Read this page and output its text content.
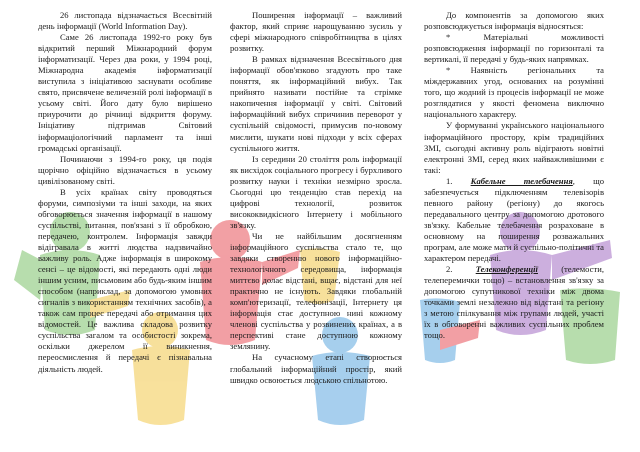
26 листопада відзначається Всесвітній день інформації (World Information Day).

Саме 26 листопада 1992-го року був відкритий перший Міжнародний форум інформатизації. Через два роки, у 1994 році, Міжнародна академія інформатизації виступила з ініціативою заснувати особливе свято, присвячене величезній ролі інформації в усьому світі. Його дату було вирішено приурочити до річниці відкриття форуму. Ініціативу підтримав Світовий інформаціологічний парламент та інші громадські організації.

Починаючи з 1994-го року, ця подія щорічно офіційно відзначається в усьому цивілізованому світі.

В усіх країнах світу проводяться форуми, симпозіуми та інші заходи, на яких обговорюється значення інформації в нашому суспільстві, питання, пов'язані з її обробкою, передачею, контролем. Інформація завжди відігравала в житті людства надзвичайно важливу роль. Адже інформація в широкому сенсі – це відомості, які передають одні люди іншим усним, письмовим або будь-яким іншим способом (наприклад, за допомогою умовних сигналів з використанням технічних засобів), а також сам процес передачі або отримання цих відомостей. Це важлива складова розвитку суспільства загалом та особистості зокрема, оскільки джерелом її виникнення, переосмислення й передачі є пізнавальна діяльність людей.

Поширення інформації – важливий фактор, який сприяє нарощуванню зусиль у сфері міжнародного співробітництва в цілях розвитку.

В рамках відзначення Всесвітнього дня інформації обов'язково згадують про таке поняття, як інформаційний вибух. Так прийнято називати постійне та стрімке накопичення інформації у світі. Світовий інформаційний вибух спричинив переворот у суспільній свідомості, примусив по-новому мислити, шукати нові підходи у всіх сферах суспільного життя.

Із середини 20 століття роль інформації як висхідок соціального прогресу і бурхливого розвитку науки і техніки незмірно зросла. Сьогодні цю тенденцію став перехід на цифрові технології, розвиток висококвидкісного Інтернету і мобільного зв'язку.

Чи не найбільшим досягненням інформаційного суспільства стало те, що завдяки створенню нового інформаційно-технологічного середовища, інформація миттєво долає відстані, вщає, відстані для неї практично не існують. Завдяки глобальній комп'ютеризації, телефонізації, Інтернету ця інформація стає доступною нині кожному членові суспільства у розвинених країнах, а в перспективі стане доступною кожному землянину.

На сучасному етапі створюється глобальний інформаційний простір, який швидко освоюється людською спільнотою.

До компонентів за допомогою яких розповсюджується інформація відносяться:

* Матеріальні можливості розповсюдження інформації по горизонталі та вертикалі, її передачі у будь-яких напрямках.

* Наявність регіональних та міждержавних угод, основаних на розумінні того, що жодний із процесів інформації не може розглядатися у якості феномена виключно національного характеру.

У формуванні українського національного інформаційного простору, крім традиційних ЗМІ, сьогодні активну роль відіграють новітні електронні ЗМІ, серед яких найважливішими є такі:

1. Кабельне телебачення, що забезпечується підключенням телевізорів певного району (регіону) до якогось передавального центру за допомогою дротового зв'язку. Кабельне телебачення розраховане в основному на поширення розважальних програм, але може мати й суспільно-політичні та характером передачі.

2.	Телеконференції (телемости, телеперемички тощо) – встановлення зв'язку за допомогою супутникової техніки між двома точками землі незалежно від відстані та регіону з метою спілкування між групами людей, участі їх в обговоренні важливих суспільних проблем тощо.
